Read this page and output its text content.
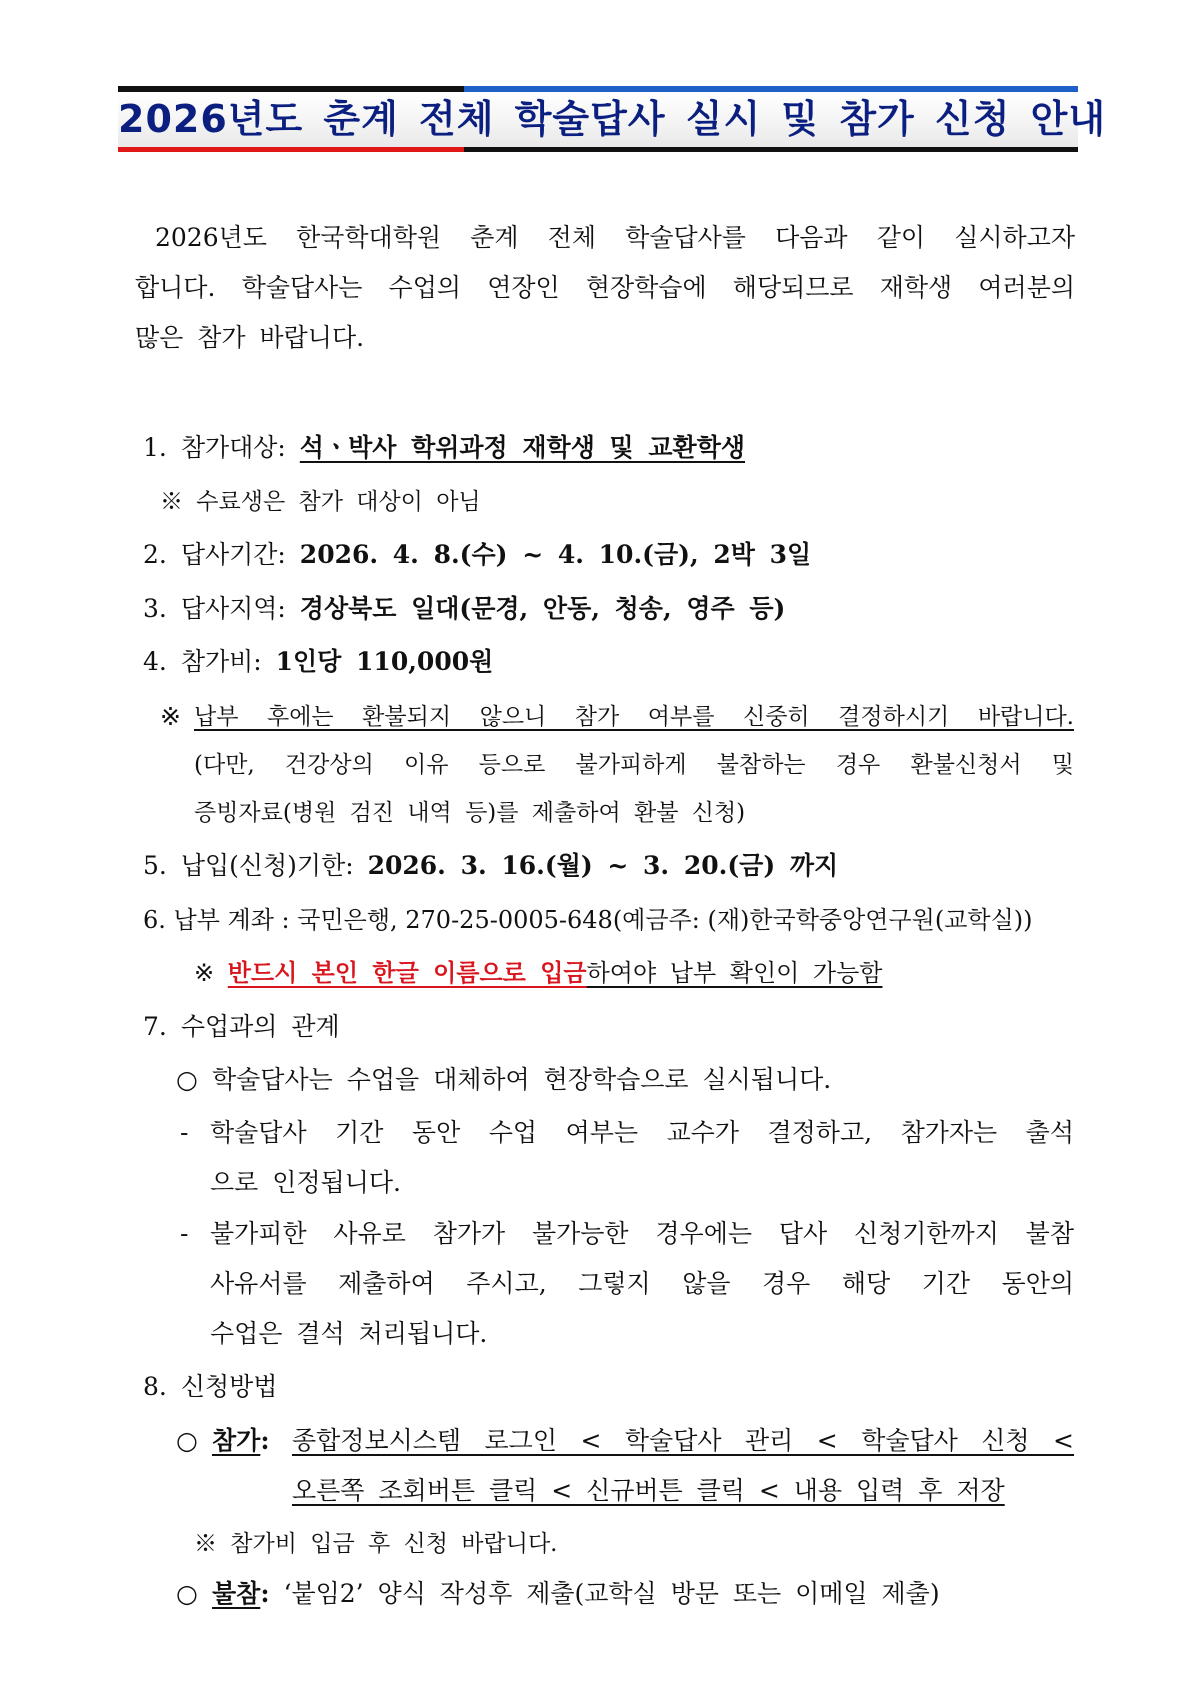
2026년도 춘계 전체 학술답사 실시 및 참가 신청 안내
2026년도 한국학대학원 춘계 전체 학술답사를 다음과 같이 실시하고자
합니다. 학술답사는 수업의 연장인 현장학습에 해당되므로 재학생 여러분의
많은 참가 바랍니다.
1. 참가대상: 석ㆍ박사 학위과정 재학생 및 교환학생
※ 수료생은 참가 대상이 아님
2. 답사기간: 2026. 4. 8.(수) ~ 4. 10.(금), 2박 3일
3. 답사지역: 경상북도 일대(문경, 안동, 청송, 영주 등)
4. 참가비: 1인당 110,000원
※ 납부 후에는 환불되지 않으니 참가 여부를 신중히 결정하시기 바랍니다.
(다만, 건강상의 이유 등으로 불가피하게 불참하는 경우 환불신청서 및
증빙자료(병원 검진 내역 등)를 제출하여 환불 신청)
5. 납입(신청)기한: 2026. 3. 16.(월) ~ 3. 20.(금) 까지
6. 납부 계좌 : 국민은행, 270-25-0005-648(예금주: (재)한국학중앙연구원(교학실))
※ 반드시 본인 한글 이름으로 입금하여야 납부 확인이 가능함
7. 수업과의 관계
○ 학술답사는 수업을 대체하여 현장학습으로 실시됩니다.
- 학술답사 기간 동안 수업 여부는 교수가 결정하고, 참가자는 출석
으로 인정됩니다.
- 불가피한 사유로 참가가 불가능한 경우에는 답사 신청기한까지 불참
사유서를 제출하여 주시고, 그렇지 않을 경우 해당 기간 동안의
수업은 결석 처리됩니다.
8. 신청방법
○ 참가: 종합정보시스템 로그인 < 학술답사 관리 < 학술답사 신청 <
오른쪽 조회버튼 클릭 < 신규버튼 클릭 < 내용 입력 후 저장
※ 참가비 입금 후 신청 바랍니다.
○ 불참: ‘붙임2’ 양식 작성후 제출(교학실 방문 또는 이메일 제출)
